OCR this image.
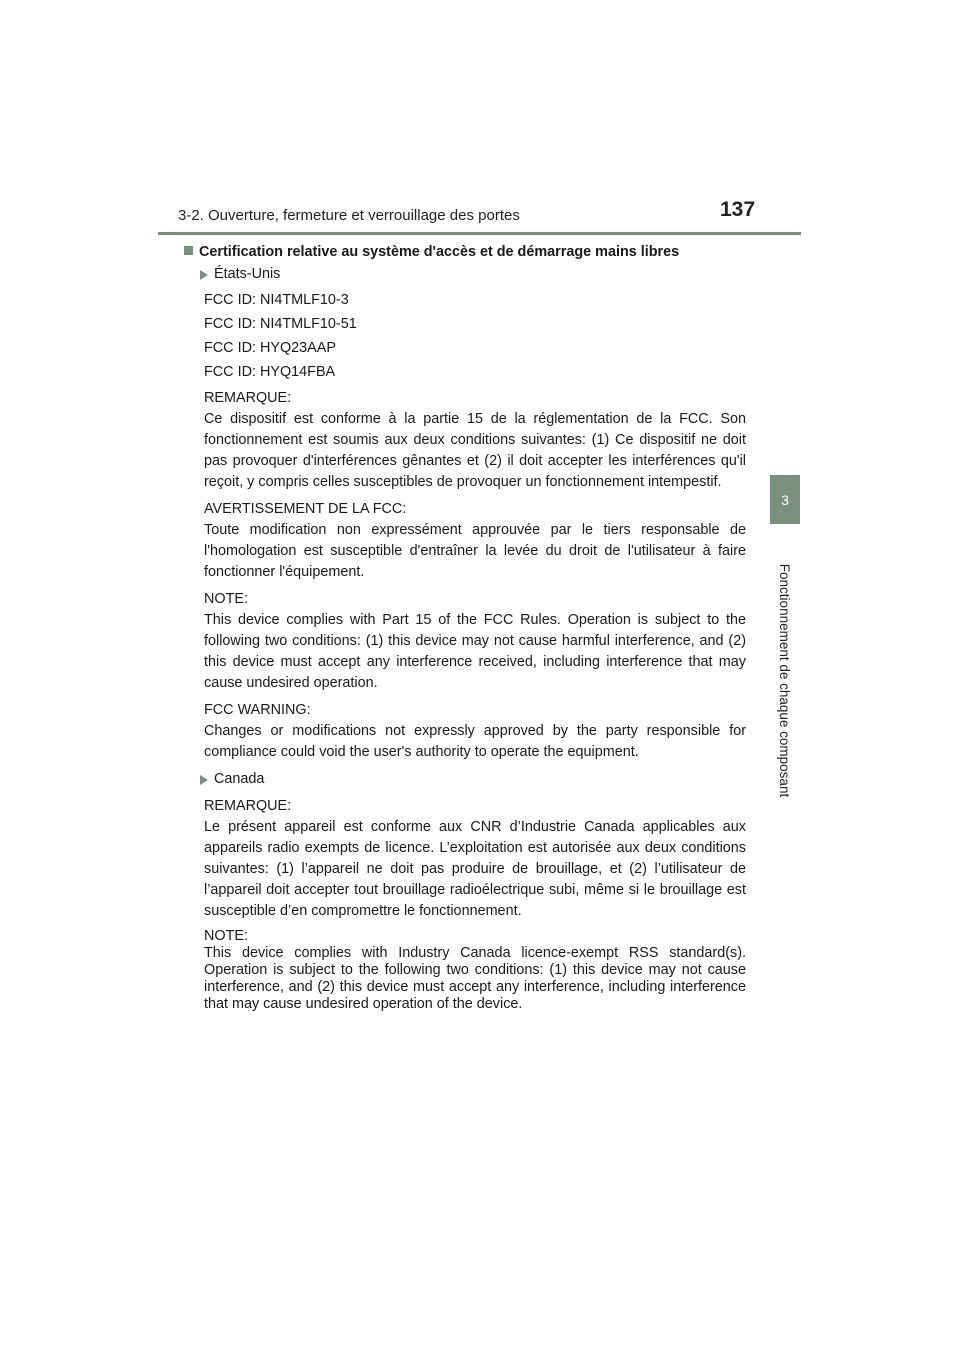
3-2. Ouverture, fermeture et verrouillage des portes	137
3
Fonctionnement de chaque composant
Certification relative au système d'accès et de démarrage mains libres
États-Unis

FCC ID: NI4TMLF10-3

FCC ID: NI4TMLF10-51

FCC ID: HYQ23AAP

FCC ID: HYQ14FBA

REMARQUE:

Ce dispositif est conforme à la partie 15 de la réglementation de la FCC. Son fonctionnement est soumis aux deux conditions suivantes: (1) Ce dispositif ne doit pas provoquer d'interférences gênantes et (2) il doit accepter les interférences qu'il reçoit, y compris celles susceptibles de provoquer un fonctionnement intempestif.

AVERTISSEMENT DE LA FCC:

Toute modification non expressément approuvée par le tiers responsable de l'homologation est susceptible d'entraîner la levée du droit de l'utilisateur à faire fonctionner l'équipement.

NOTE:

This device complies with Part 15 of the FCC Rules. Operation is subject to the following two conditions: (1) this device may not cause harmful interference, and (2) this device must accept any interference received, including interference that may cause undesired operation.

FCC WARNING:

Changes or modifications not expressly approved by the party responsible for compliance could void the user's authority to operate the equipment.

Canada

REMARQUE:

Le présent appareil est conforme aux CNR d’Industrie Canada applicables aux appareils radio exempts de licence. L’exploitation est autorisée aux deux conditions suivantes: (1) l’appareil ne doit pas produire de brouillage, et (2) l’utilisateur de l’appareil doit accepter tout brouillage radioélectrique subi, même si le brouillage est susceptible d’en compromettre le fonctionnement.

NOTE:

This device complies with Industry Canada licence-exempt RSS standard(s). Operation is subject to the following two conditions: (1) this device may not cause interference, and (2) this device must accept any interference, including interference that may cause undesired operation of the device.
